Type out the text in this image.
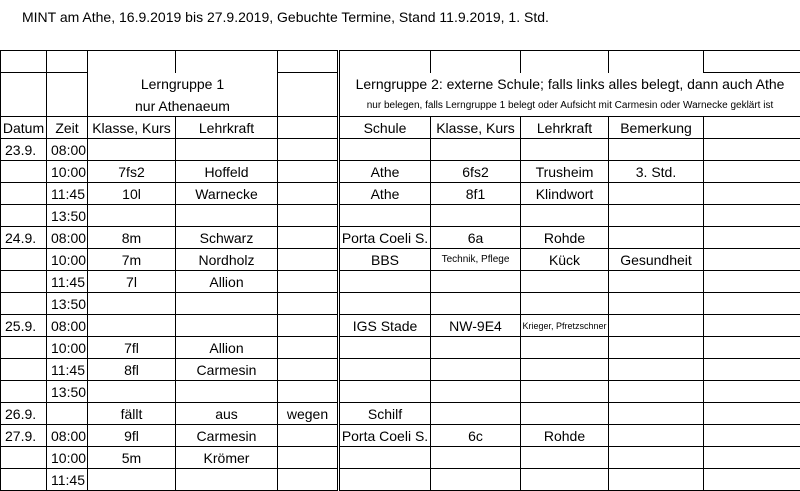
MINT am Athe, 16.9.2019 bis 27.9.2019, Gebuchte Termine, Stand 11.9.2019, 1. Std.

		Lerngruppe 1			Lerngruppe 2: externe Schule; falls links alles belegt, dann auch Athe				
		nur Athenaeum			nur belegen, falls Lerngruppe 1 belegt oder Aufsicht mit Carmesin oder Warnecke geklärt ist				
Datum	Zeit	Klasse, Kurs	Lehrkraft		Schule	Klasse, Kurs	Lehrkraft	Bemerkung	
23.9.	08:00								
	10:00	7fs2	Hoffeld		Athe	6fs2	Trusheim	3. Std.	
	11:45	10l	Warnecke		Athe	8f1	Klindwort		
	13:50								
24.9.	08:00	8m	Schwarz		Porta Coeli S.	6a	Rohde		
	10:00	7m	Nordholz		BBS	Technik, Pflege	Kück	Gesundheit	
	11:45	7l	Allion						
	13:50								
25.9.	08:00				IGS Stade	NW-9E4	Krieger, Pfretzschner		
	10:00	7fl	Allion						
	11:45	8fl	Carmesin						
	13:50								
26.9.		fällt	aus	wegen	Schilf				
27.9.	08:00	9fl	Carmesin		Porta Coeli S.	6c	Rohde		
	10:00	5m	Krömer						
	11:45								
